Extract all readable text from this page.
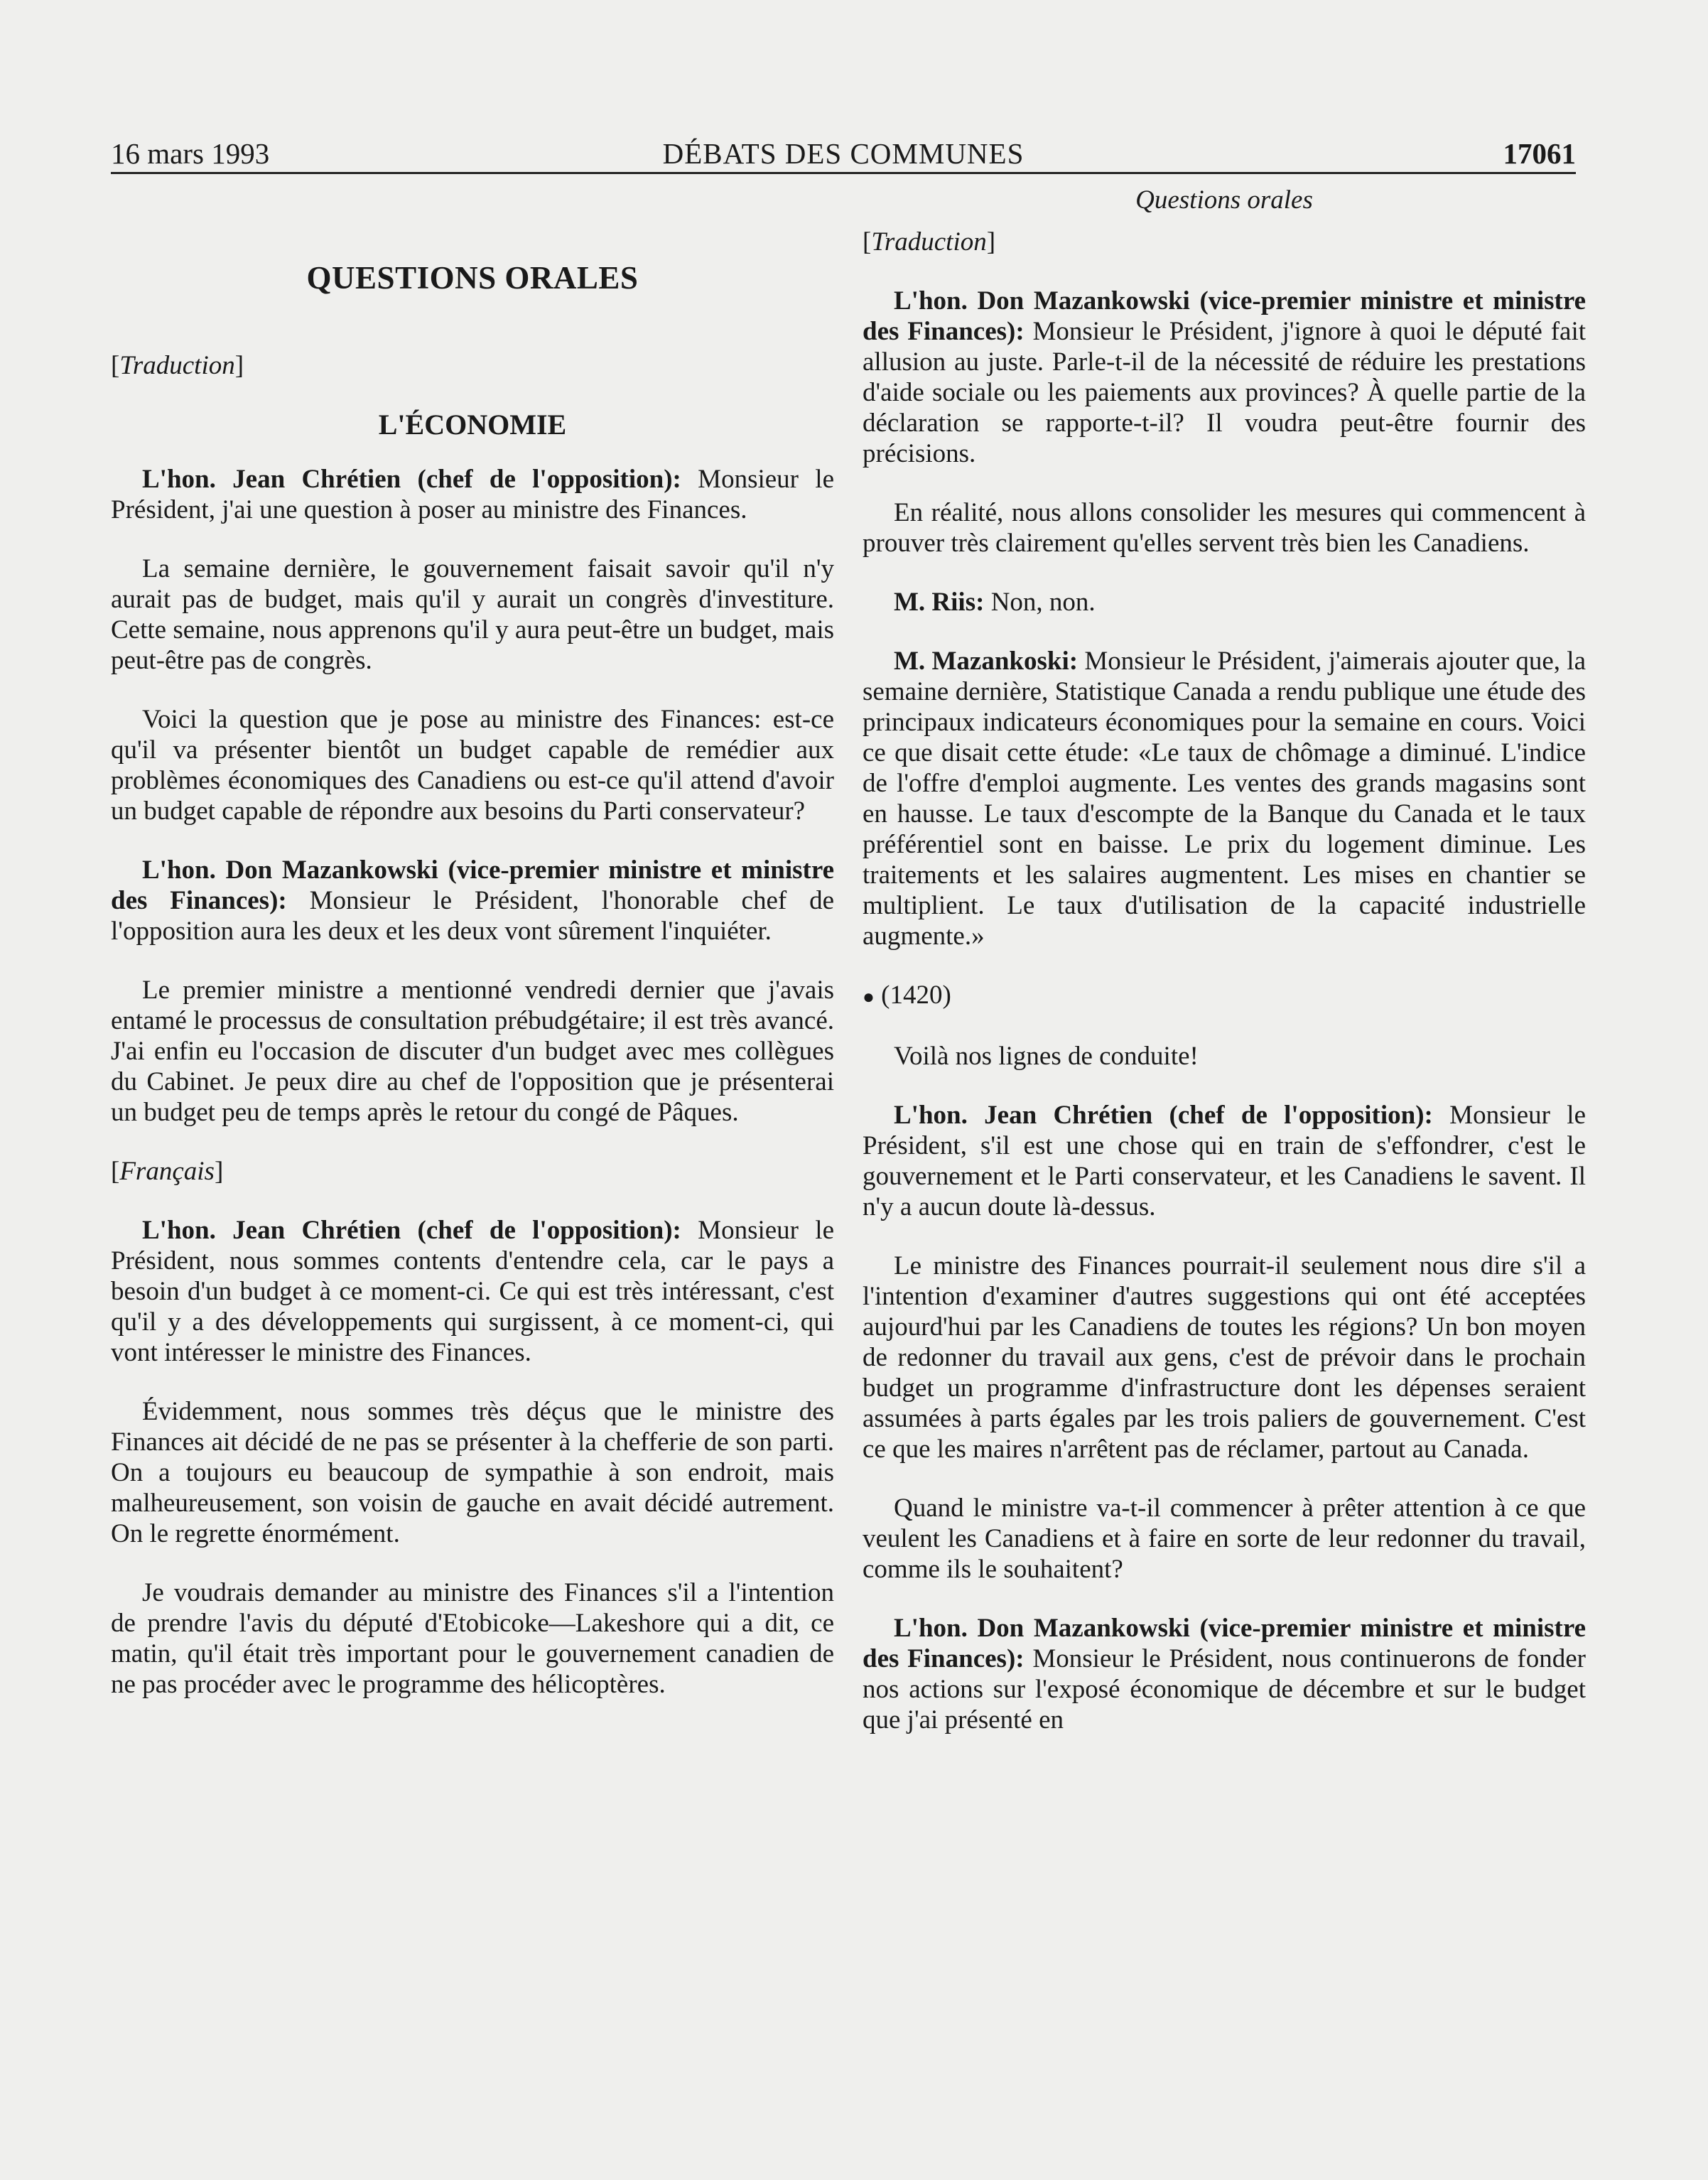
16 mars 1993	DÉBATS DES COMMUNES	17061
QUESTIONS ORALES
[Traduction]
L'ÉCONOMIE

L'hon. Jean Chrétien (chef de l'opposition): Monsieur le Président, j'ai une question à poser au ministre des Finances.

La semaine dernière, le gouvernement faisait savoir qu'il n'y aurait pas de budget, mais qu'il y aurait un congrès d'investiture. Cette semaine, nous apprenons qu'il y aura peut-être un budget, mais peut-être pas de congrès.

Voici la question que je pose au ministre des Finances: est-ce qu'il va présenter bientôt un budget capable de remédier aux problèmes économiques des Canadiens ou est-ce qu'il attend d'avoir un budget capable de répondre aux besoins du Parti conservateur?

L'hon. Don Mazankowski (vice-premier ministre et ministre des Finances): Monsieur le Président, l'honorable chef de l'opposition aura les deux et les deux vont sûrement l'inquiéter.

Le premier ministre a mentionné vendredi dernier que j'avais entamé le processus de consultation prébudgétaire; il est très avancé. J'ai enfin eu l'occasion de discuter d'un budget avec mes collègues du Cabinet. Je peux dire au chef de l'opposition que je présenterai un budget peu de temps après le retour du congé de Pâques.

[Français]

L'hon. Jean Chrétien (chef de l'opposition): Monsieur le Président, nous sommes contents d'entendre cela, car le pays a besoin d'un budget à ce moment-ci. Ce qui est très intéressant, c'est qu'il y a des développements qui surgissent, à ce moment-ci, qui vont intéresser le ministre des Finances.

Évidemment, nous sommes très déçus que le ministre des Finances ait décidé de ne pas se présenter à la chefferie de son parti. On a toujours eu beaucoup de sympathie à son endroit, mais malheureusement, son voisin de gauche en avait décidé autrement. On le regrette énormément.

Je voudrais demander au ministre des Finances s'il a l'intention de prendre l'avis du député d'Etobicoke—Lakeshore qui a dit, ce matin, qu'il était très important pour le gouvernement canadien de ne pas procéder avec le programme des hélicoptères.

Questions orales
[Traduction]

L'hon. Don Mazankowski (vice-premier ministre et ministre des Finances): Monsieur le Président, j'ignore à quoi le député fait allusion au juste. Parle-t-il de la nécessité de réduire les prestations d'aide sociale ou les paiements aux provinces? À quelle partie de la déclaration se rapporte-t-il? Il voudra peut-être fournir des précisions.

En réalité, nous allons consolider les mesures qui commencent à prouver très clairement qu'elles servent très bien les Canadiens.

M. Riis: Non, non.

M. Mazankoski: Monsieur le Président, j'aimerais ajouter que, la semaine dernière, Statistique Canada a rendu publique une étude des principaux indicateurs économiques pour la semaine en cours. Voici ce que disait cette étude: «Le taux de chômage a diminué. L'indice de l'offre d'emploi augmente. Les ventes des grands magasins sont en hausse. Le taux d'escompte de la Banque du Canada et le taux préférentiel sont en baisse. Le prix du logement diminue. Les traitements et les salaires augmentent. Les mises en chantier se multiplient. Le taux d'utilisation de la capacité industrielle augmente.»

● (1420)

Voilà nos lignes de conduite!

L'hon. Jean Chrétien (chef de l'opposition): Monsieur le Président, s'il est une chose qui en train de s'effondrer, c'est le gouvernement et le Parti conservateur, et les Canadiens le savent. Il n'y a aucun doute là-dessus.

Le ministre des Finances pourrait-il seulement nous dire s'il a l'intention d'examiner d'autres suggestions qui ont été acceptées aujourd'hui par les Canadiens de toutes les régions? Un bon moyen de redonner du travail aux gens, c'est de prévoir dans le prochain budget un programme d'infrastructure dont les dépenses seraient assumées à parts égales par les trois paliers de gouvernement. C'est ce que les maires n'arrêtent pas de réclamer, partout au Canada.

Quand le ministre va-t-il commencer à prêter attention à ce que veulent les Canadiens et à faire en sorte de leur redonner du travail, comme ils le souhaitent?

L'hon. Don Mazankowski (vice-premier ministre et ministre des Finances): Monsieur le Président, nous continuerons de fonder nos actions sur l'exposé économique de décembre et sur le budget que j'ai présenté en
